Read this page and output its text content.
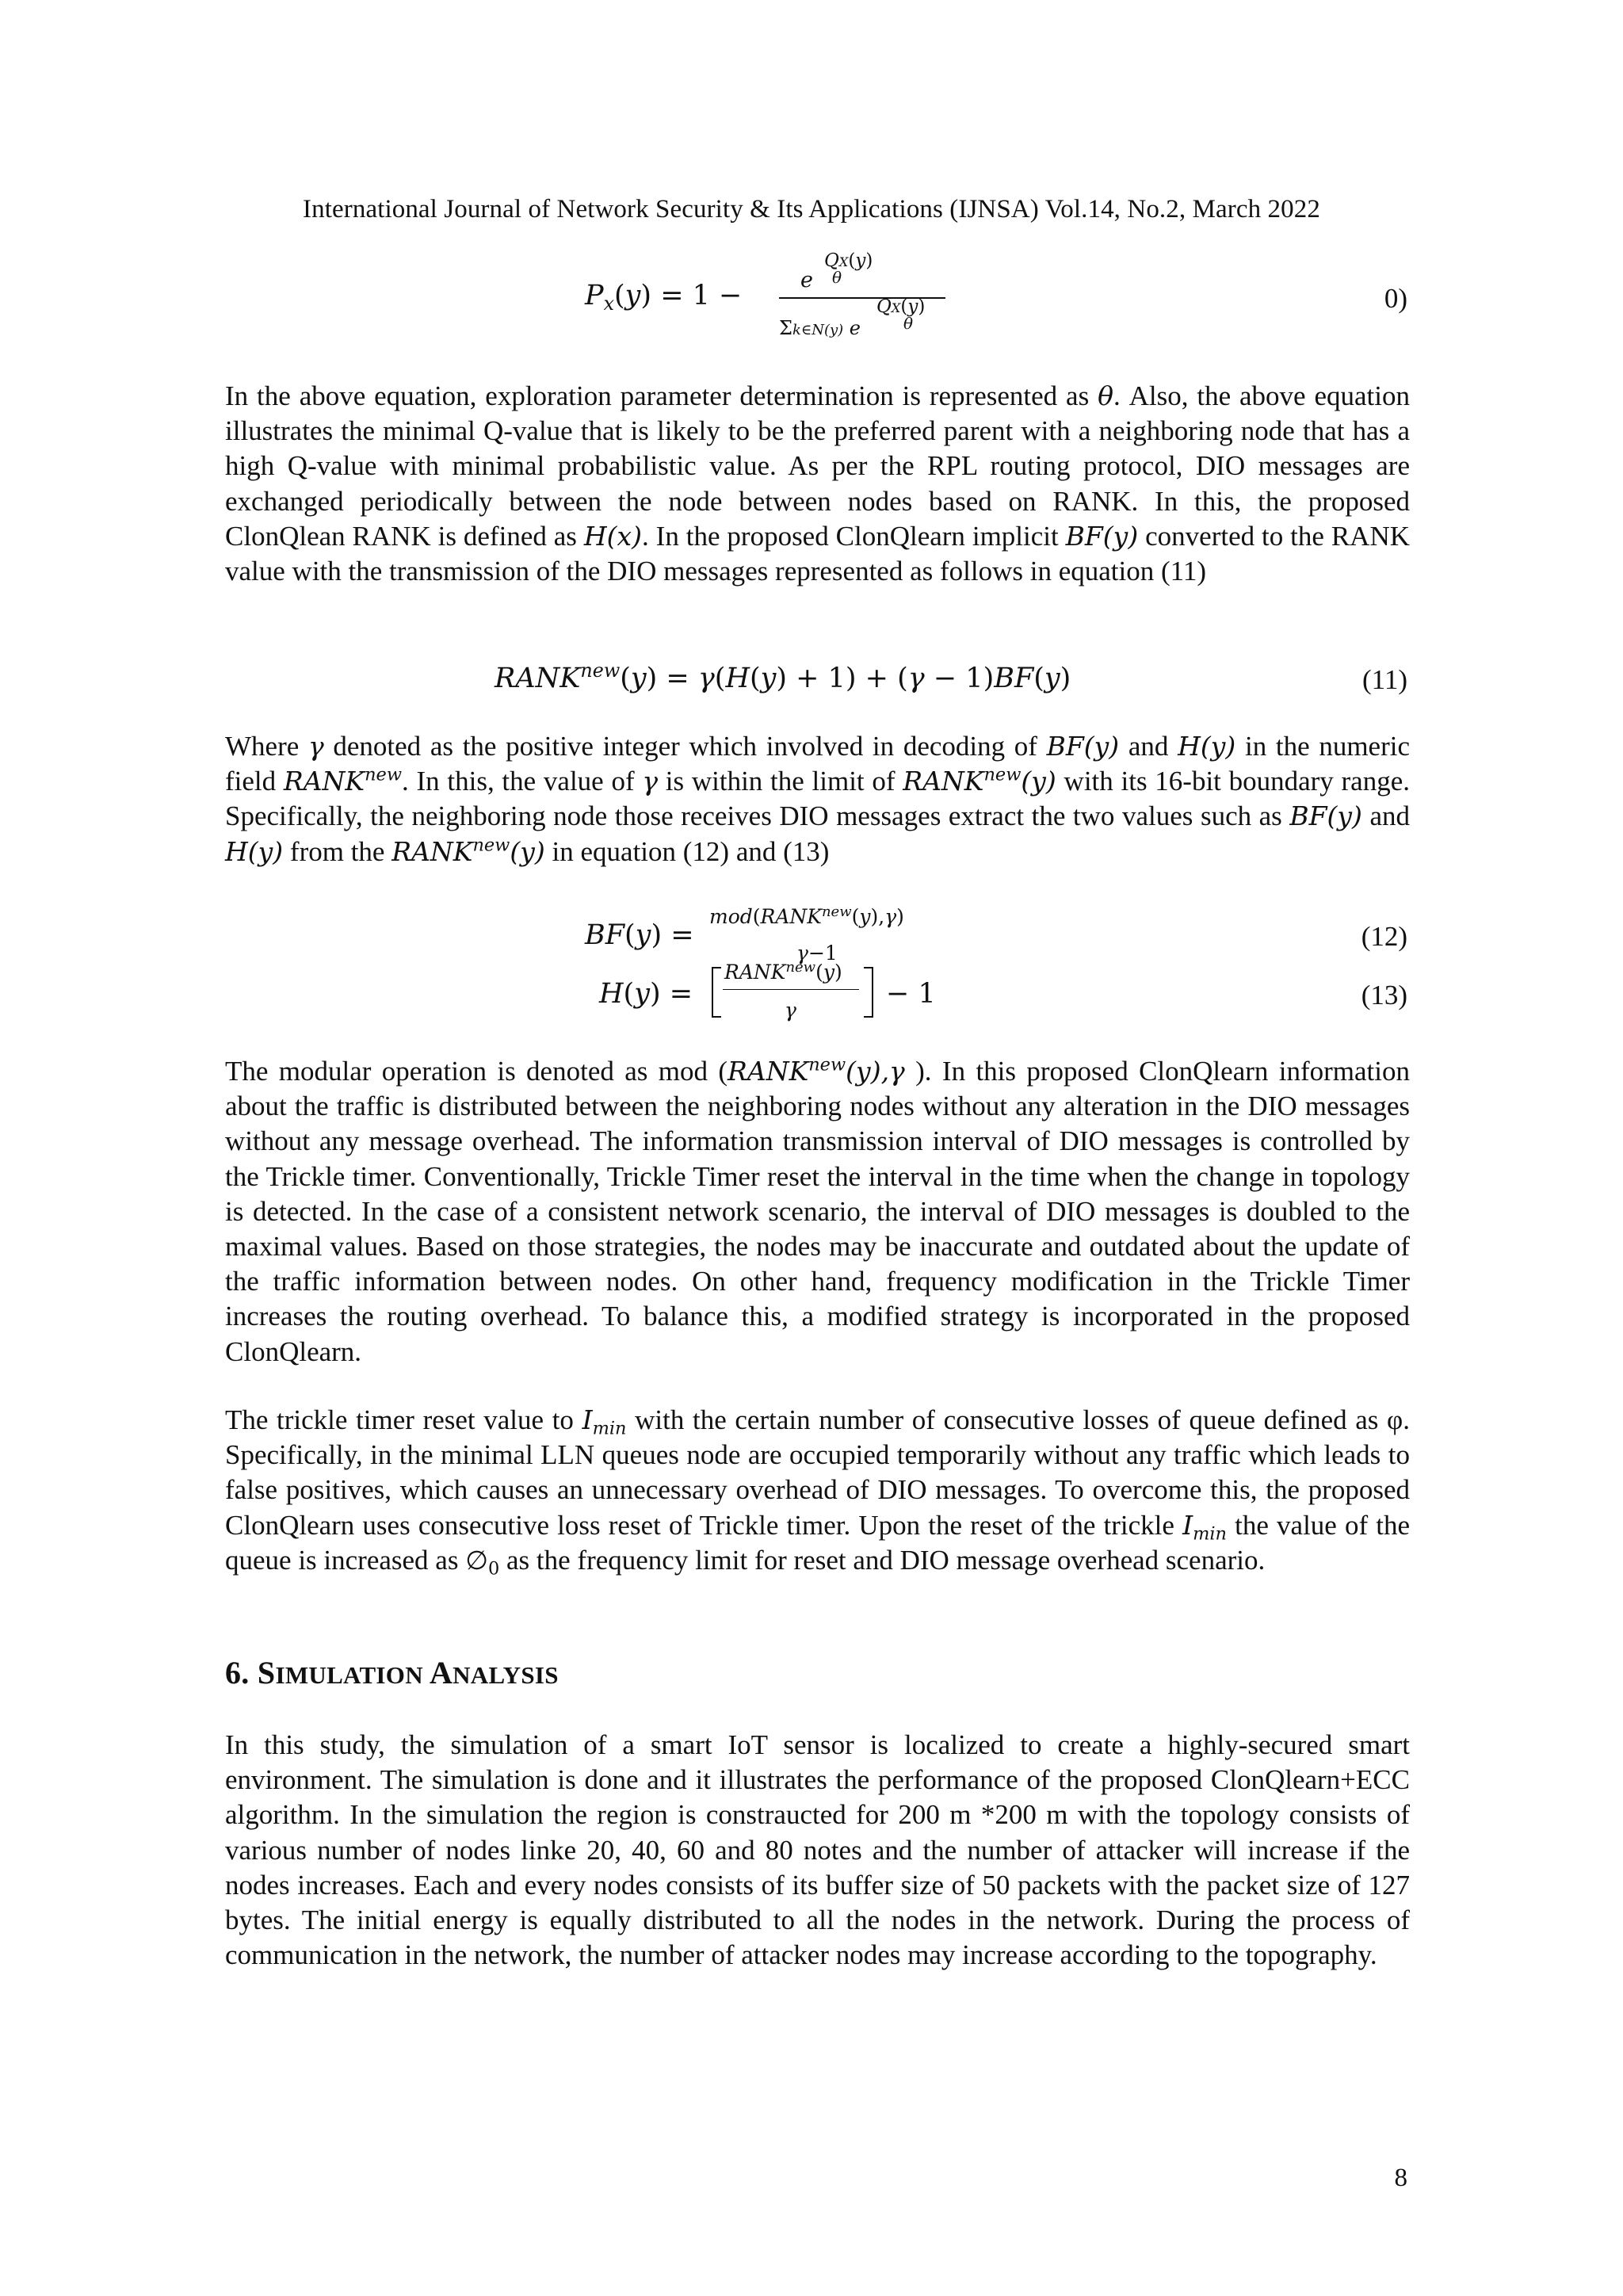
International Journal of Network Security & Its Applications (IJNSA) Vol.14, No.2, March 2022
$P_x(y) = 1$ −
QX(y)
e θ
QX(y)
Σk∈N(y) e	θ
0)
In the above equation, exploration parameter determination is represented as θ. Also, the above equation illustrates the minimal Q-value that is likely to be the preferred parent with a neighboring node that has a high Q-value with minimal probabilistic value. As per the RPL routing protocol, DIO messages are exchanged periodically between the node between nodes based on RANK. In this, the proposed ClonQlean RANK is defined as H(x). In the proposed ClonQlearn implicit BF(y) converted to the RANK value with the transmission of the DIO messages represented as follows in equation (11)
$RANK^{new}(y) = \gamma(H(y) + 1) + (\gamma - 1)BF(y)$	(11)
Where γ denoted as the positive integer which involved in decoding of BF(y) and H(y) in the numeric field $RANK^{new}$. In this, the value of γ is within the limit of $RANK^{new}(y)$ with its 16-bit boundary range. Specifically, the neighboring node those receives DIO messages extract the two values such as BF(y) and H(y) from the $RANK^{new}(y)$ in equation (12) and (13)
BF(y) =
$mod(RANK^{new}(y),\gamma)$
γ−1
(12)
H(y) =
$RANK^{new}(y)$
γ
− 1	(13)
The modular operation is denoted as mod ($RANK^{new}(y),\gamma$ ). In this proposed ClonQlearn information about the traffic is distributed between the neighboring nodes without any alteration in the DIO messages without any message overhead. The information transmission interval of DIO messages is controlled by the Trickle timer. Conventionally, Trickle Timer reset the interval in the time when the change in topology is detected. In the case of a consistent network scenario, the interval of DIO messages is doubled to the maximal values. Based on those strategies, the nodes may be inaccurate and outdated about the update of the traffic information between nodes. On other hand, frequency modification in the Trickle Timer increases the routing overhead. To balance this, a modified strategy is incorporated in the proposed ClonQlearn.
The trickle timer reset value to $I_{min}$ with the certain number of consecutive losses of queue defined as φ. Specifically, in the minimal LLN queues node are occupied temporarily without any traffic which leads to false positives, which causes an unnecessary overhead of DIO messages. To overcome this, the proposed ClonQlearn uses consecutive loss reset of Trickle timer. Upon the reset of the trickle $I_{min}$ the value of the queue is increased as $\emptyset_0$ as the frequency limit for reset and DIO message overhead scenario.
6. SIMULATION ANALYSIS
In this study, the simulation of a smart IoT sensor is localized to create a highly-secured smart environment. The simulation is done and it illustrates the performance of the proposed ClonQlearn+ECC algorithm. In the simulation the region is constraucted for 200 m *200 m with the topology consists of various number of nodes linke 20, 40, 60 and 80 notes and the number of attacker will increase if the nodes increases. Each and every nodes consists of its buffer size of 50 packets with the packet size of 127 bytes. The initial energy is equally distributed to all the nodes in the network. During the process of communication in the network, the number of attacker nodes may increase according to the topography.
8
